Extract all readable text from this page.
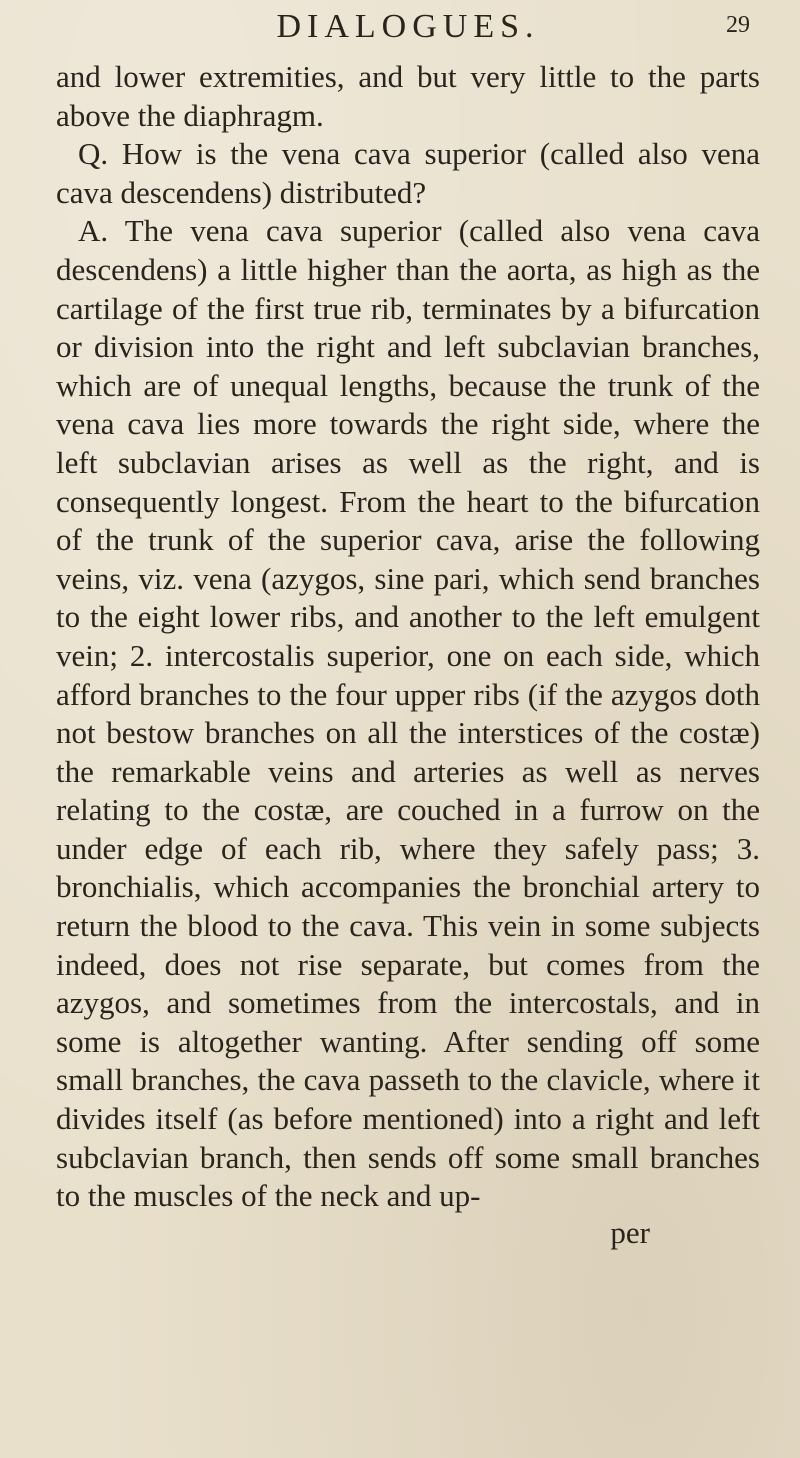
DIALOGUES.	29

and lower extremities, and but very little to the parts above the diaphragm.

Q. How is the vena cava superior (called also vena cava descendens) distributed?

A. The vena cava superior (called also vena cava descendens) a little higher than the aorta, as high as the cartilage of the first true rib, terminates by a bifurcation or division into the right and left subclavian branches, which are of unequal lengths, because the trunk of the vena cava lies more towards the right side, where the left subclavian arises as well as the right, and is consequently longest. From the heart to the bifurcation of the trunk of the superior cava, arise the following veins, viz. vena (azygos, sine pari, which send branches to the eight lower ribs, and another to the left emulgent vein; 2. intercostalis superior, one on each side, which afford branches to the four upper ribs (if the azygos doth not bestow branches on all the interstices of the costæ) the remarkable veins and arteries as well as nerves relating to the costæ, are couched in a furrow on the under edge of each rib, where they safely pass; 3. bronchialis, which accompanies the bronchial artery to return the blood to the cava. This vein in some subjects indeed, does not rise separate, but comes from the azygos, and sometimes from the intercostals, and in some is altogether wanting. After sending off some small branches, the cava passeth to the clavicle, where it divides itself (as before mentioned) into a right and left subclavian branch, then sends off some small branches to the muscles of the neck and up-

per
